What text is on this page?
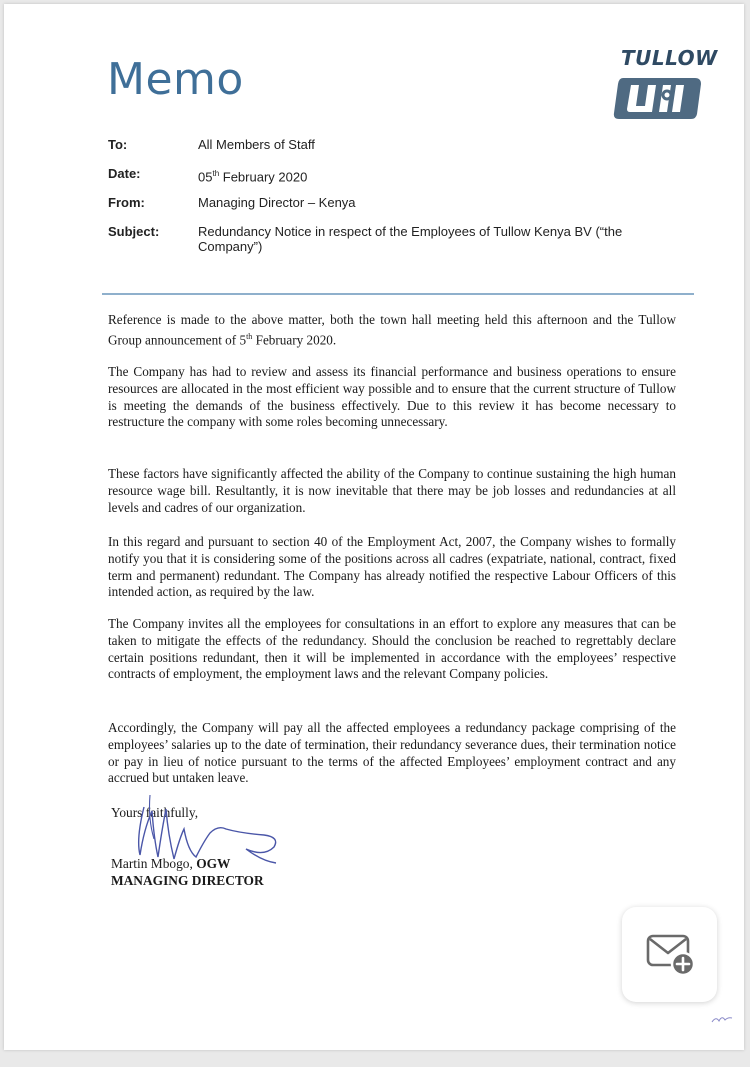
Memo	TULLOW
To:	All Members of Staff
Date:	05th February 2020
From:	Managing Director – Kenya
Subject:	Redundancy Notice in respect of the Employees of Tullow Kenya BV (“the Company”)
Reference is made to the above matter, both the town hall meeting held this afternoon and the Tullow Group announcement of 5th February 2020.
The Company has had to review and assess its financial performance and business operations to ensure resources are allocated in the most efficient way possible and to ensure that the current structure of Tullow is meeting the demands of the business effectively. Due to this review it has become necessary to restructure the company with some roles becoming unnecessary.
These factors have significantly affected the ability of the Company to continue sustaining the high human resource wage bill. Resultantly, it is now inevitable that there may be job losses and redundancies at all levels and cadres of our organization.
In this regard and pursuant to section 40 of the Employment Act, 2007, the Company wishes to formally notify you that it is considering some of the positions across all cadres (expatriate, national, contract, fixed term and permanent) redundant. The Company has already notified the respective Labour Officers of this intended action, as required by the law.
The Company invites all the employees for consultations in an effort to explore any measures that can be taken to mitigate the effects of the redundancy. Should the conclusion be reached to regrettably declare certain positions redundant, then it will be implemented in accordance with the employees’ respective contracts of employment, the employment laws and the relevant Company policies.
Accordingly, the Company will pay all the affected employees a redundancy package comprising of the employees’ salaries up to the date of termination, their redundancy severance dues, their termination notice or pay in lieu of notice pursuant to the terms of the affected Employees’ employment contract and any accrued but untaken leave.
Yours faithfully,
Martin Mbogo, OGW
MANAGING DIRECTOR
